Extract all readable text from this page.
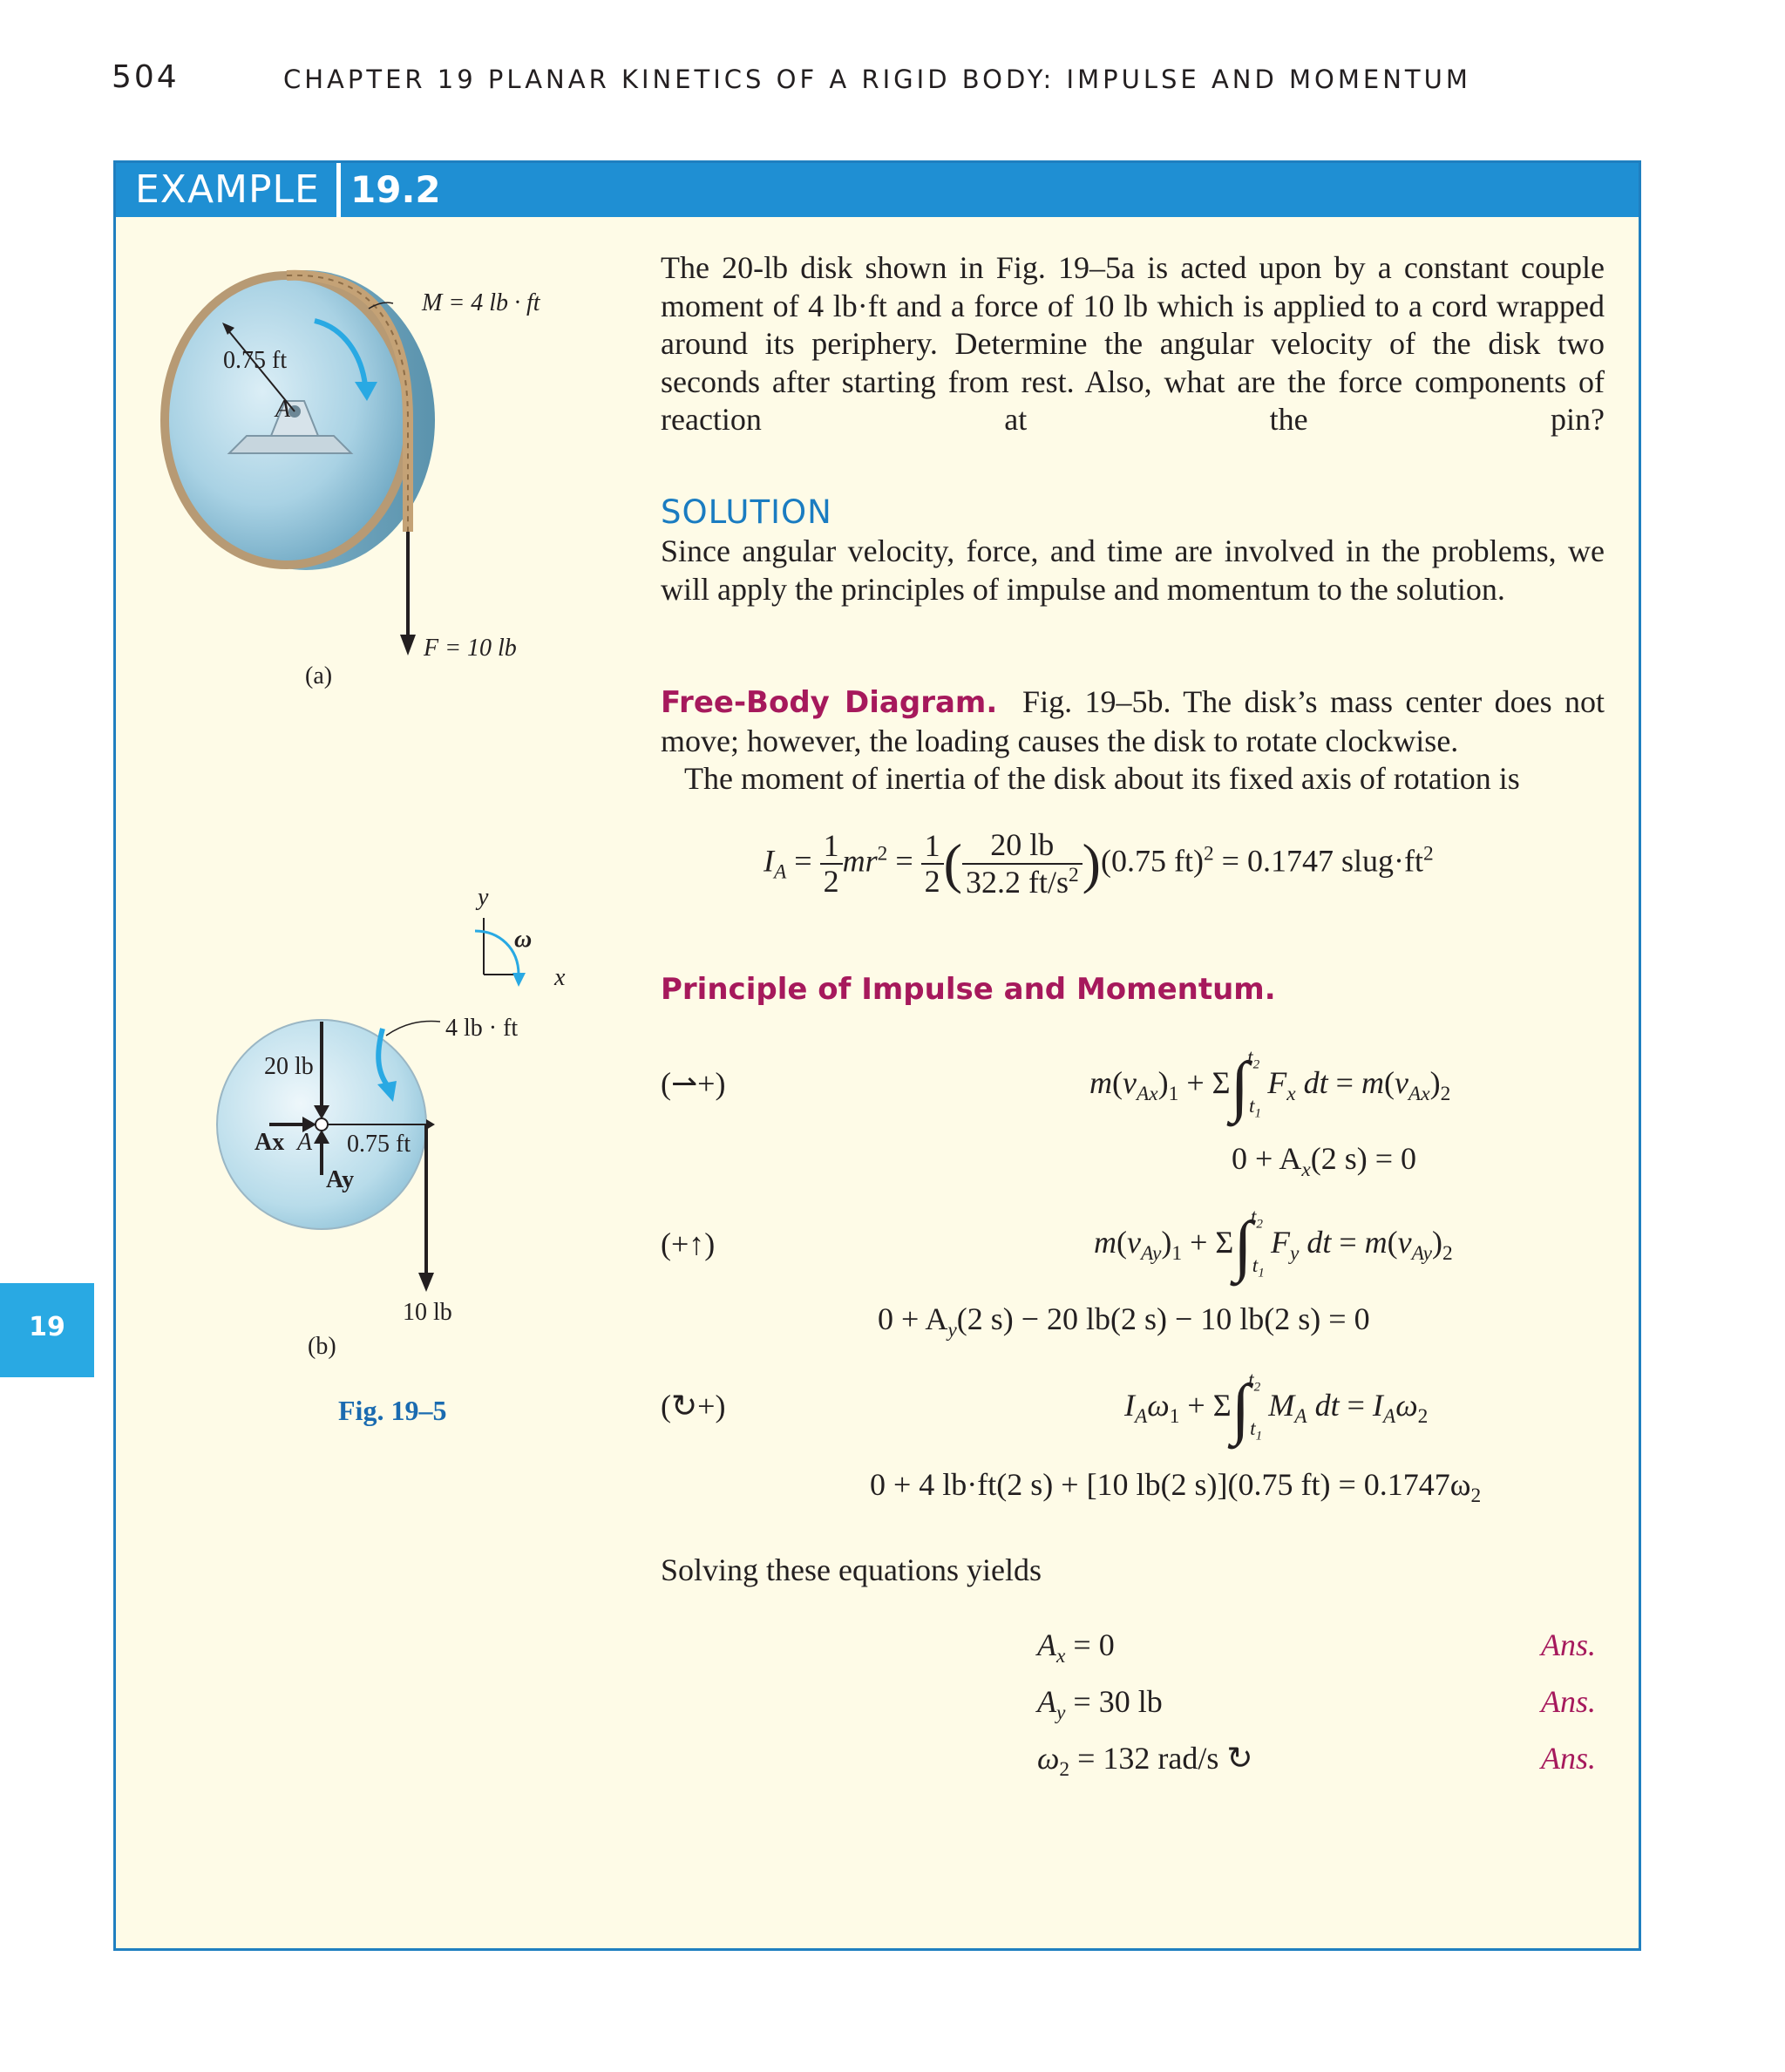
504	CHAPTER 19 PLANAR KINETICS OF A RIGID BODY: IMPULSE AND MOMENTUM
EXAMPLE 19.2
19
The 20-lb disk shown in Fig. 19–5a is acted upon by a constant couple moment of 4 lb·ft and a force of 10 lb which is applied to a cord wrapped around its periphery. Determine the angular velocity of the disk two seconds after starting from rest. Also, what are the force components of reaction at the pin?
SOLUTION
Since angular velocity, force, and time are involved in the problems, we will apply the principles of impulse and momentum to the solution.
Free-Body Diagram. Fig. 19–5b. The disk’s mass center does not move; however, the loading causes the disk to rotate clockwise.
The moment of inertia of the disk about its fixed axis of rotation is
$I_A = \frac{1}{2} mr^2 = \frac{1}{2}$ ( $\frac{20 lb}{32.2 ft/s^2} )(0.75$ ft)$^2$ = 0.1747 $slug\cdot ft^2$
Principle of Impulse and Momentum.
(⇀+)	$m(v_{Ax})_1 + \Sigma\int_{t_1}^{t_2}$ $F_x$ dt = $m(v_{Ax})_2$
$0 + A_x(2$ s) = 0
(+↑)	$m(v_{Ay})_1 + \Sigma\int_{t_1}^{t_2}$ $F_y$ dt = $m(v_{Ay})_2$
$0 + A_y(2$ s) − 20 lb(2 s) − 10 lb(2 s) = 0
(↻+)	$I_A\omega_1 + \Sigma\int_{t_1}^{t_2}$ $M_A$ dt = $I_A\omega_2$
0 + 4 lb·ft(2 s) + [10 lb(2 s)](0.75 $ft) = 0.1747\omega_2$
Solving these equations yields
$A_x = 0$	Ans.
$A_y = 30$ lb	Ans.
$\omega_2 = 132$ rad/s ↻	Ans.
M = 4 lb · ft
0.75 ft
A
F = 10 lb
(a)
y
x
ω
4 lb · ft
20 lb
Ax A 0.75 ft
Ay
10 lb
(b)
Fig. 19–5
